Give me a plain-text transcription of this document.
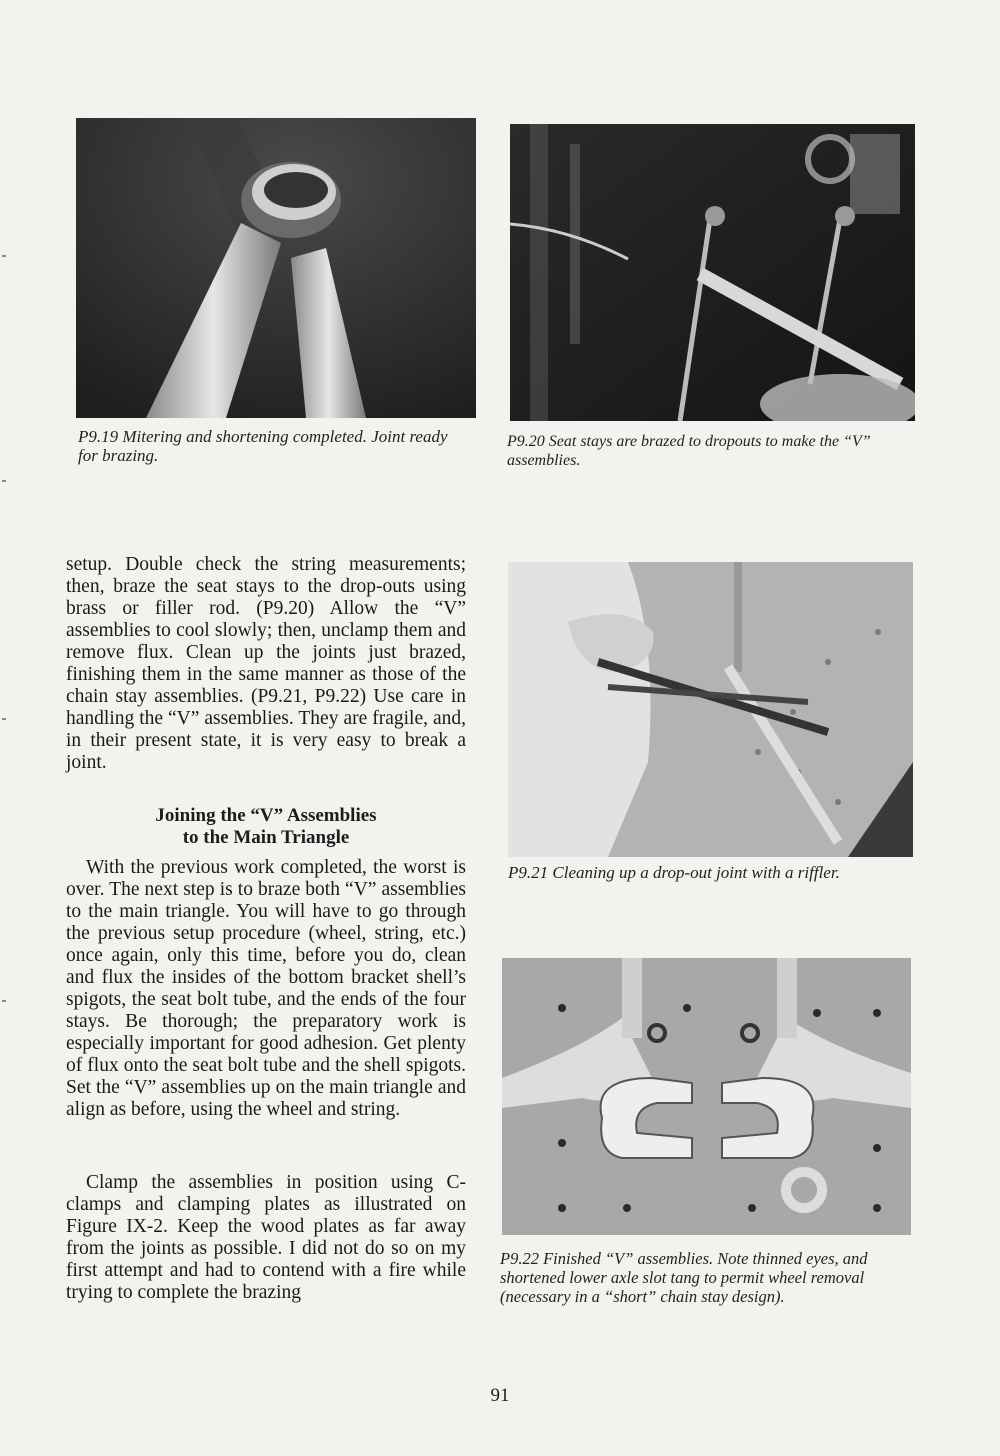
P9.19 Mitering and shortening completed. Joint ready for brazing.

P9.20 Seat stays are brazed to dropouts to make the “V” assemblies.

setup. Double check the string measurements; then, braze the seat stays to the drop-outs using brass or filler rod. (P9.20) Allow the “V” assemblies to cool slowly; then, unclamp them and remove flux. Clean up the joints just brazed, finishing them in the same manner as those of the chain stay assemblies. (P9.21, P9.22) Use care in handling the “V” assemblies. They are fragile, and, in their present state, it is very easy to break a joint.

Joining the “V” Assemblies
to the Main Triangle

With the previous work completed, the worst is over. The next step is to braze both “V” assemblies to the main triangle. You will have to go through the previous setup procedure (wheel, string, etc.) once again, only this time, before you do, clean and flux the insides of the bottom bracket shell’s spigots, the seat bolt tube, and the ends of the four stays. Be thorough; the preparatory work is especially important for good adhesion. Get plenty of flux onto the seat bolt tube and the shell spigots. Set the “V” assemblies up on the main triangle and align as before, using the wheel and string.

Clamp the assemblies in position using C-clamps and clamping plates as illustrated on Figure IX-2. Keep the wood plates as far away from the joints as possible. I did not do so on my first attempt and had to contend with a fire while trying to complete the brazing

P9.21 Cleaning up a drop-out joint with a riffler.

P9.22 Finished “V” assemblies. Note thinned eyes, and shortened lower axle slot tang to permit wheel removal (necessary in a “short” chain stay design).

91
